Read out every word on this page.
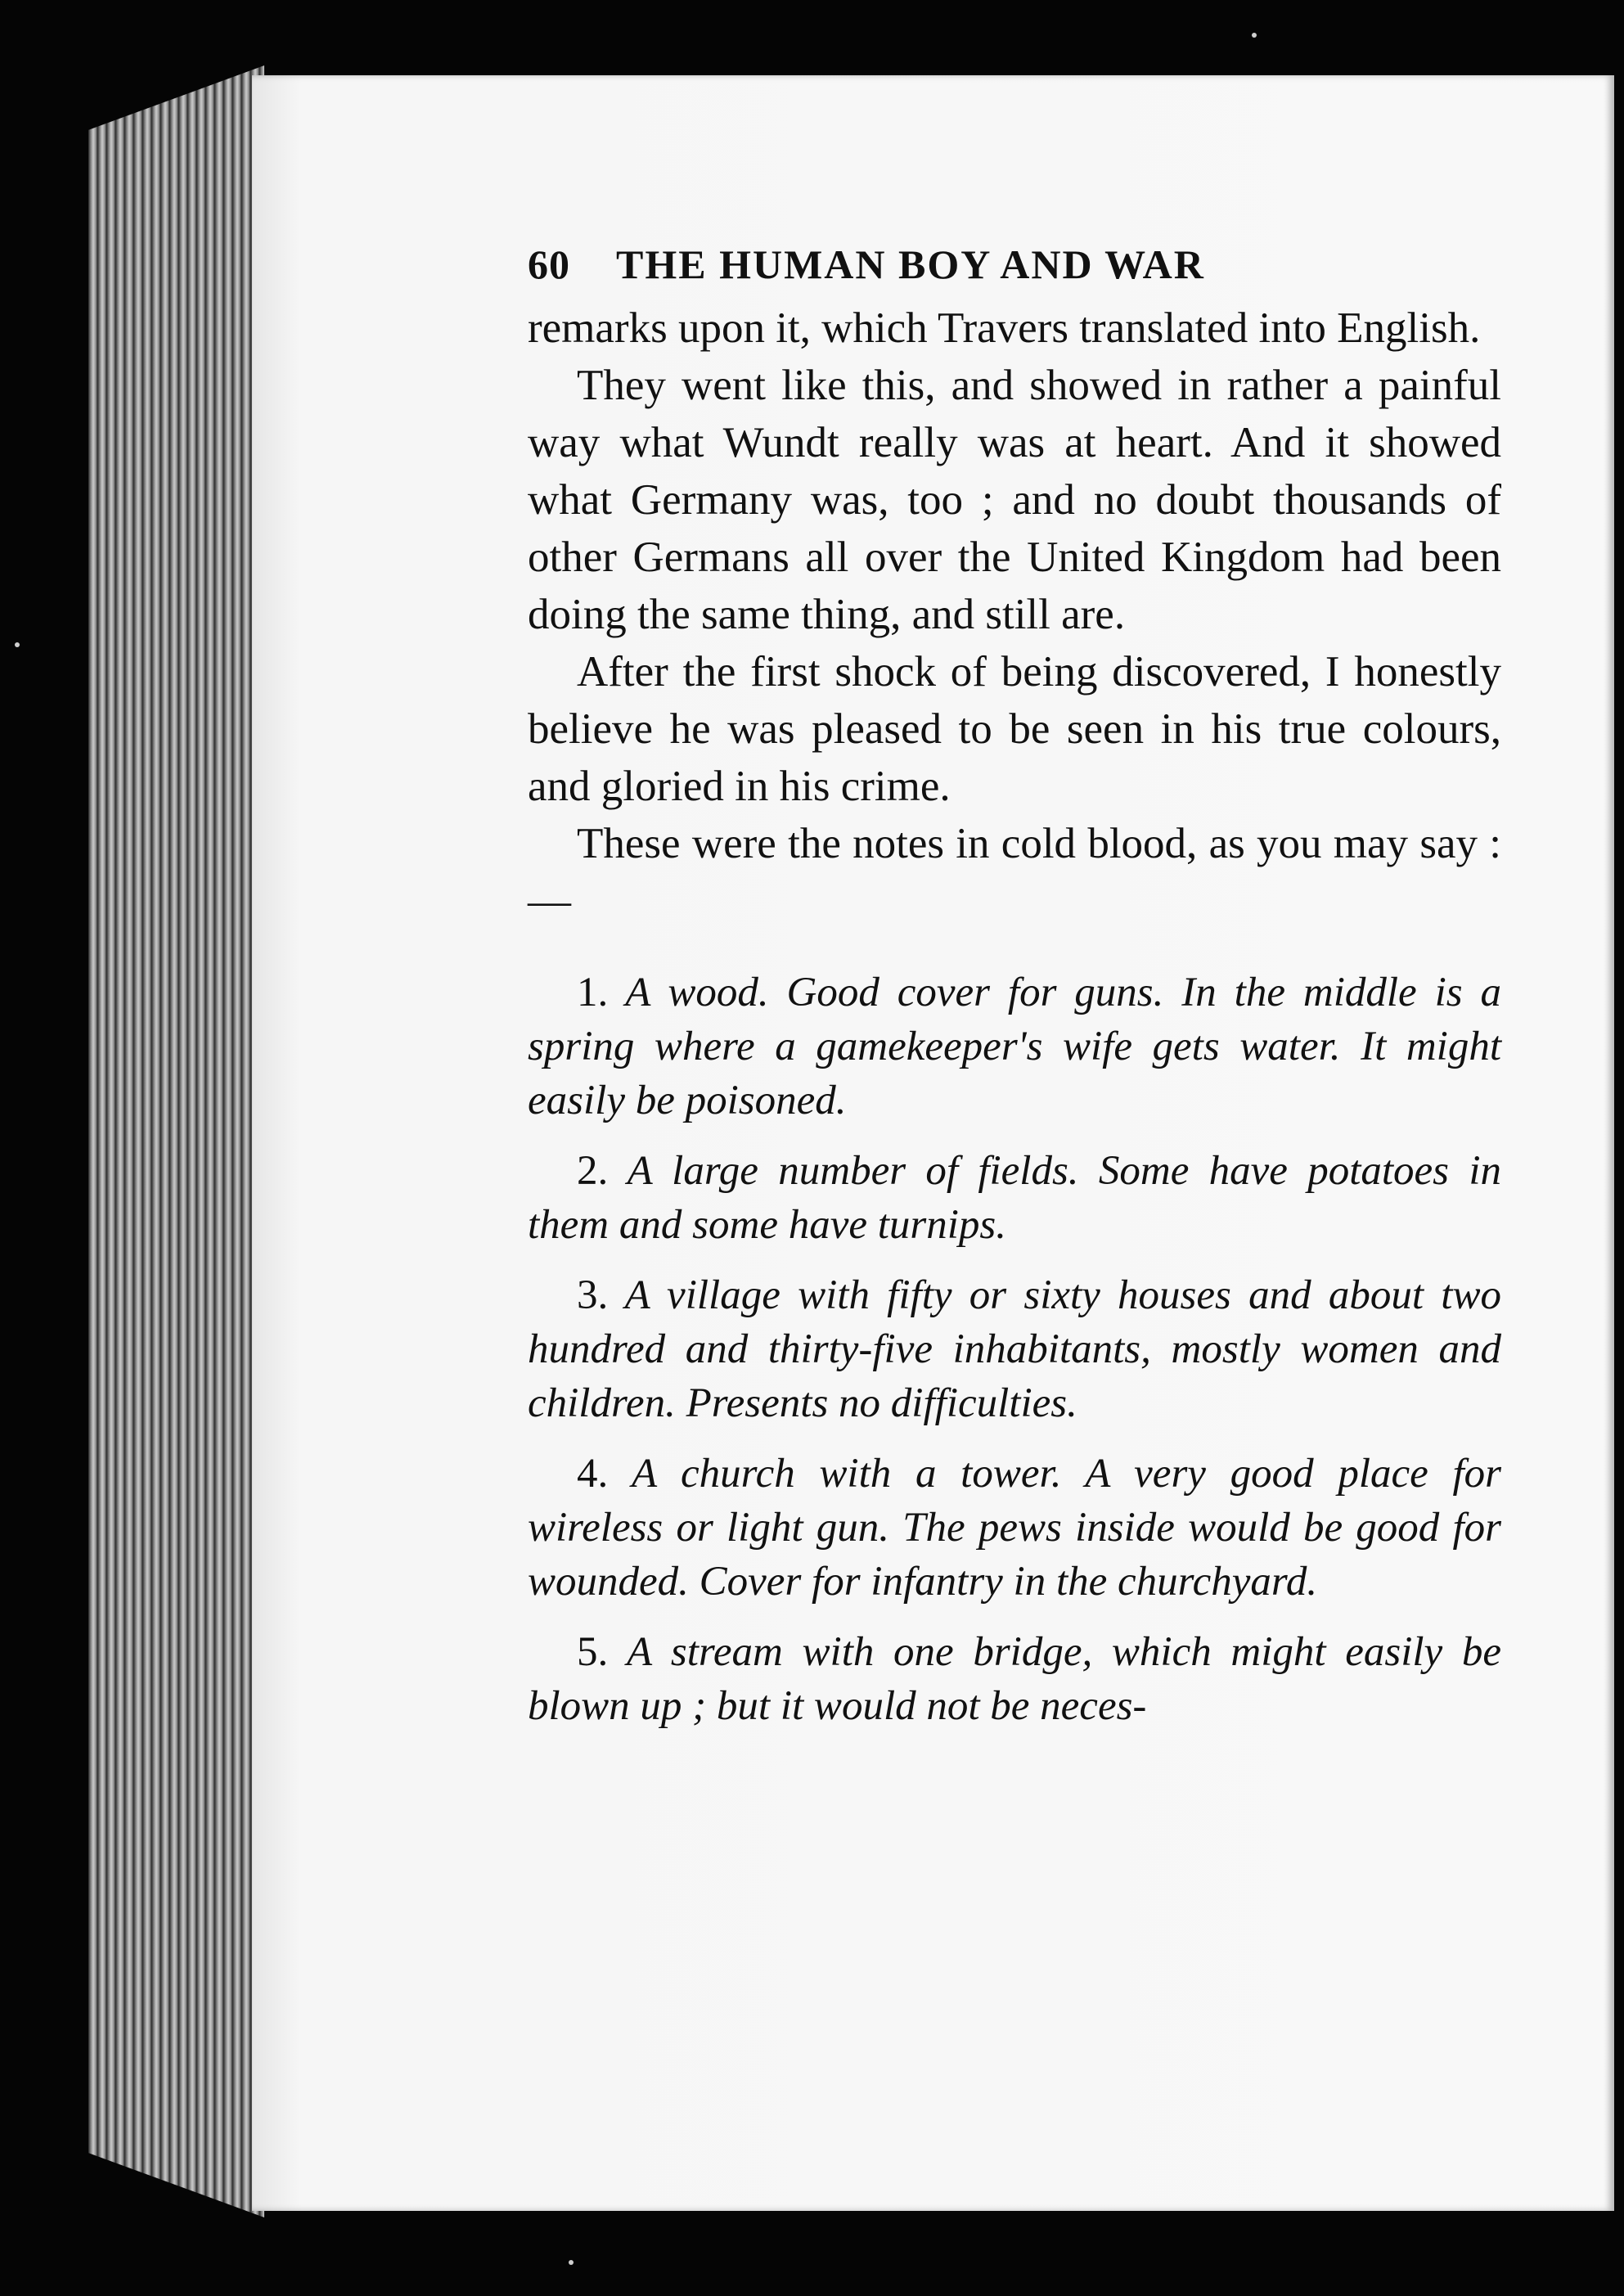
60 THE HUMAN BOY AND WAR

remarks upon it, which Travers translated into English.

They went like this, and showed in rather a painful way what Wundt really was at heart. And it showed what Germany was, too ; and no doubt thousands of other Germans all over the United Kingdom had been doing the same thing, and still are.

After the first shock of being discovered, I honestly believe he was pleased to be seen in his true colours, and gloried in his crime.

These were the notes in cold blood, as you may say :—

1. A wood. Good cover for guns. In the middle is a spring where a gamekeeper's wife gets water. It might easily be poisoned.

2. A large number of fields. Some have potatoes in them and some have turnips.

3. A village with fifty or sixty houses and about two hundred and thirty-five inhabitants, mostly women and children. Presents no difficulties.

4. A church with a tower. A very good place for wireless or light gun. The pews inside would be good for wounded. Cover for infantry in the churchyard.

5. A stream with one bridge, which might easily be blown up ; but it would not be neces-
